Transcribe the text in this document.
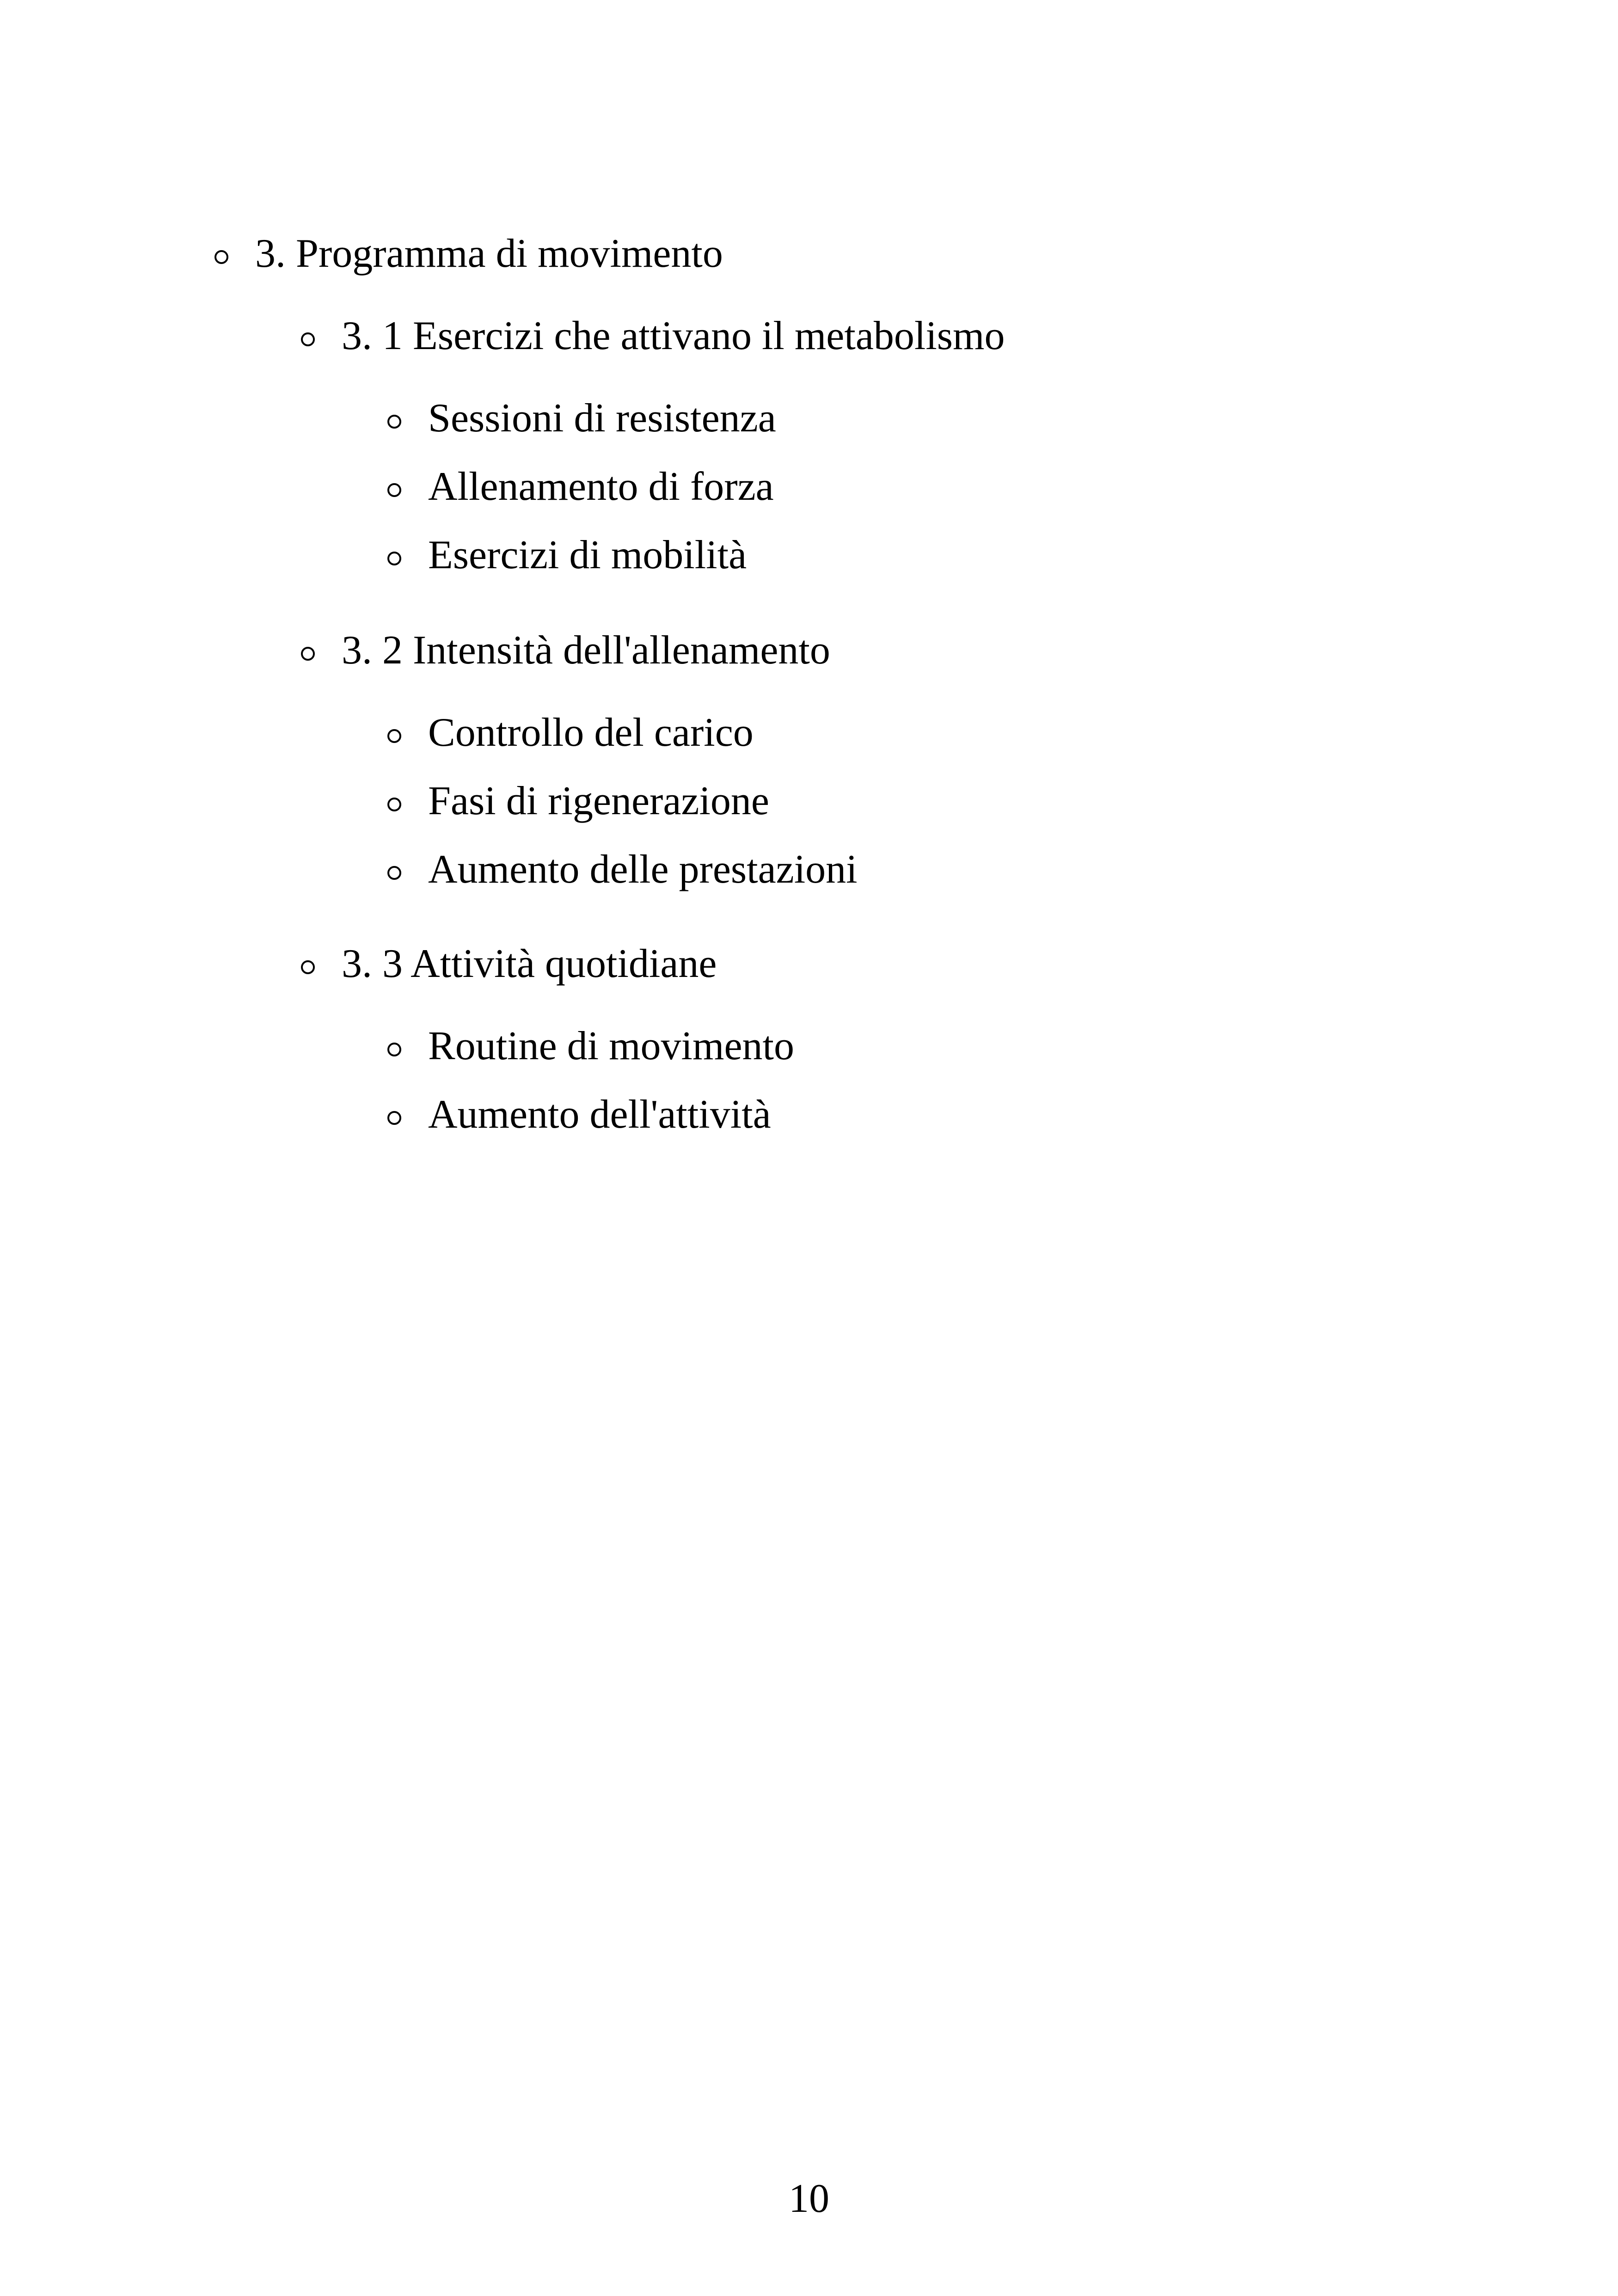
3. Programma di movimento
3. 1 Esercizi che attivano il metabolismo
Sessioni di resistenza
Allenamento di forza
Esercizi di mobilità
3. 2 Intensità dell'allenamento
Controllo del carico
Fasi di rigenerazione
Aumento delle prestazioni
3. 3 Attività quotidiane
Routine di movimento
Aumento dell'attività
10
